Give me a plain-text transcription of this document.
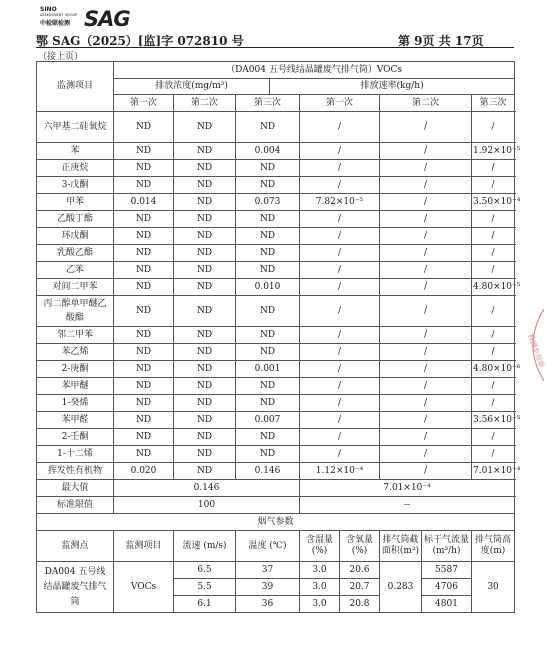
SINO
ASSESSMENT GROUP
中检联检测 SAG
鄂 SAG（2025）[监]字 072810 号	第 9页 共 17页
（接上页）
监测项目	（DA004 五号线结晶罐废气排气筒）VOCs								
	排放浓度(mg/m³)			排放速率(kg/h)					
	第一次	第二次	第三次		第一次		第二次		第三次
六甲基二硅氧烷	ND	ND	ND		/		/		/
苯	ND	ND	0.004		/		/		1.92×10⁻⁵
正庚烷	ND	ND	ND		/		/		/
3-戊酮	ND	ND	ND		/		/		/
甲苯	0.014	ND	0.073		7.82×10⁻⁵		/		3.50×10⁻⁴
乙酸丁酯	ND	ND	ND		/		/		/
环戊酮	ND	ND	ND		/		/		/
乳酸乙酯	ND	ND	ND		/		/		/
乙苯	ND	ND	ND		/		/		/
对间二甲苯	ND	ND	0.010		/		/		4.80×10⁻⁵
丙二醇单甲醚乙酸酯	ND	ND	ND		/		/		/
邻二甲苯	ND	ND	ND		/		/		/
苯乙烯	ND	ND	ND		/		/		/
2-庚酮	ND	ND	0.001		/		/		4.80×10⁻⁶
苯甲醚	ND	ND	ND		/		/		/
1-癸烯	ND	ND	ND		/		/		/
苯甲醛	ND	ND	0.007		/		/		3.56×10⁻⁵
2-壬酮	ND	ND	ND		/		/		/
1-十二烯	ND	ND	ND		/		/		/
挥发性有机物	0.020	ND	0.146		1.12×10⁻⁴		/		7.01×10⁻⁴
最大值	0.146				7.01×10⁻⁴				
标准限值	100				--				
烟气参数									
监测点	监测项目	流速 (m/s)	温度 (℃)		含湿量 (%)	含氧量 (%)	排气筒截面积(m²)	标干气流量(m³/h)	排气筒高度(m)
DA004 五号线结晶罐废气排气筒	VOCs	6.5	37		3.0	20.6	0.283	5587	30
		5.5	39		3.0	20.7		4706	
		6.1	36		3.0	20.8		4801	
检测专用章
